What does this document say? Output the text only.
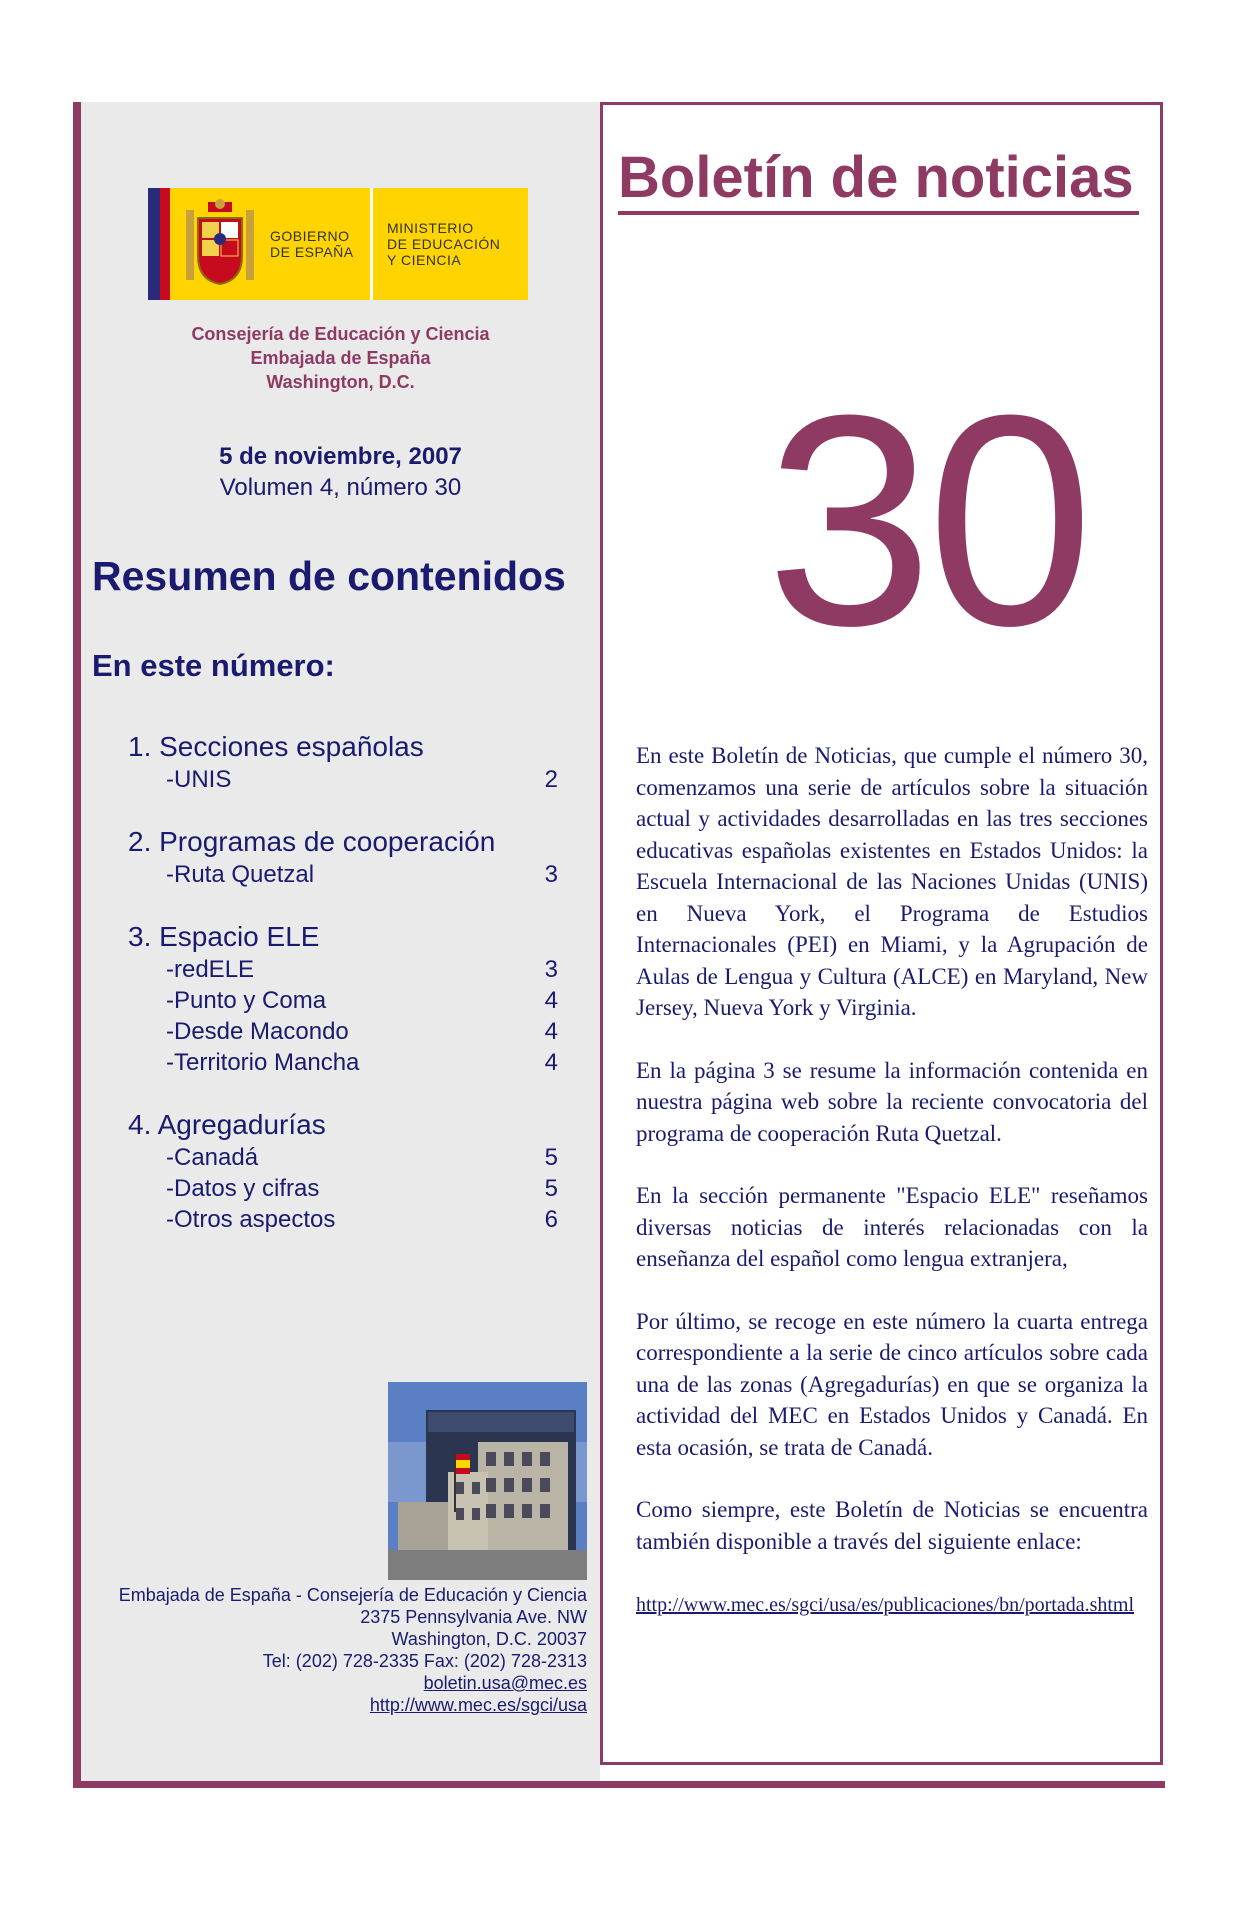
GOBIERNO
DE ESPAÑA
MINISTERIO
DE EDUCACIÓN
Y CIENCIA
Consejería de Educación y Ciencia
Embajada de España
Washington, D.C.
5 de noviembre, 2007
Volumen 4, número 30
Resumen de contenidos
En este número:
1. Secciones españolas
-UNIS	2
2. Programas de cooperación
-Ruta Quetzal	3
3. Espacio ELE
-redELE	3
-Punto y Coma	4
-Desde Macondo	4
-Territorio Mancha	4
4. Agregadurías
-Canadá	5
-Datos y cifras	5
-Otros aspectos	6
Embajada de España - Consejería de Educación y Ciencia
2375 Pennsylvania Ave. NW
Washington, D.C. 20037
Tel: (202) 728-2335 Fax: (202) 728-2313
boletin.usa@mec.es
http://www.mec.es/sgci/usa
Boletín de noticias
30

En este Boletín de Noticias, que cumple el número 30, comenzamos una serie de artículos sobre la situación actual y actividades desarrolladas en las tres secciones educativas españolas existentes en Estados Unidos: la Escuela Internacional de las Naciones Unidas (UNIS) en Nueva York, el Programa de Estudios Internacionales (PEI) en Miami, y la Agrupación de Aulas de Lengua y Cultura (ALCE) en Maryland, New Jersey, Nueva York y Virginia.

En la página 3 se resume la información contenida en nuestra página web sobre la reciente convocatoria del programa de cooperación Ruta Quetzal.

En la sección permanente "Espacio ELE" reseñamos diversas noticias de interés relacionadas con la enseñanza del español como lengua extranjera,

Por último, se recoge en este número la cuarta entrega correspondiente a la serie de cinco artículos sobre cada una de las zonas (Agregadurías) en que se organiza la actividad del MEC en Estados Unidos y Canadá. En esta ocasión, se trata de Canadá.

Como siempre, este Boletín de Noticias se encuentra también disponible a través del siguiente enlace:

http://www.mec.es/sgci/usa/es/publicaciones/bn/portada.shtml
